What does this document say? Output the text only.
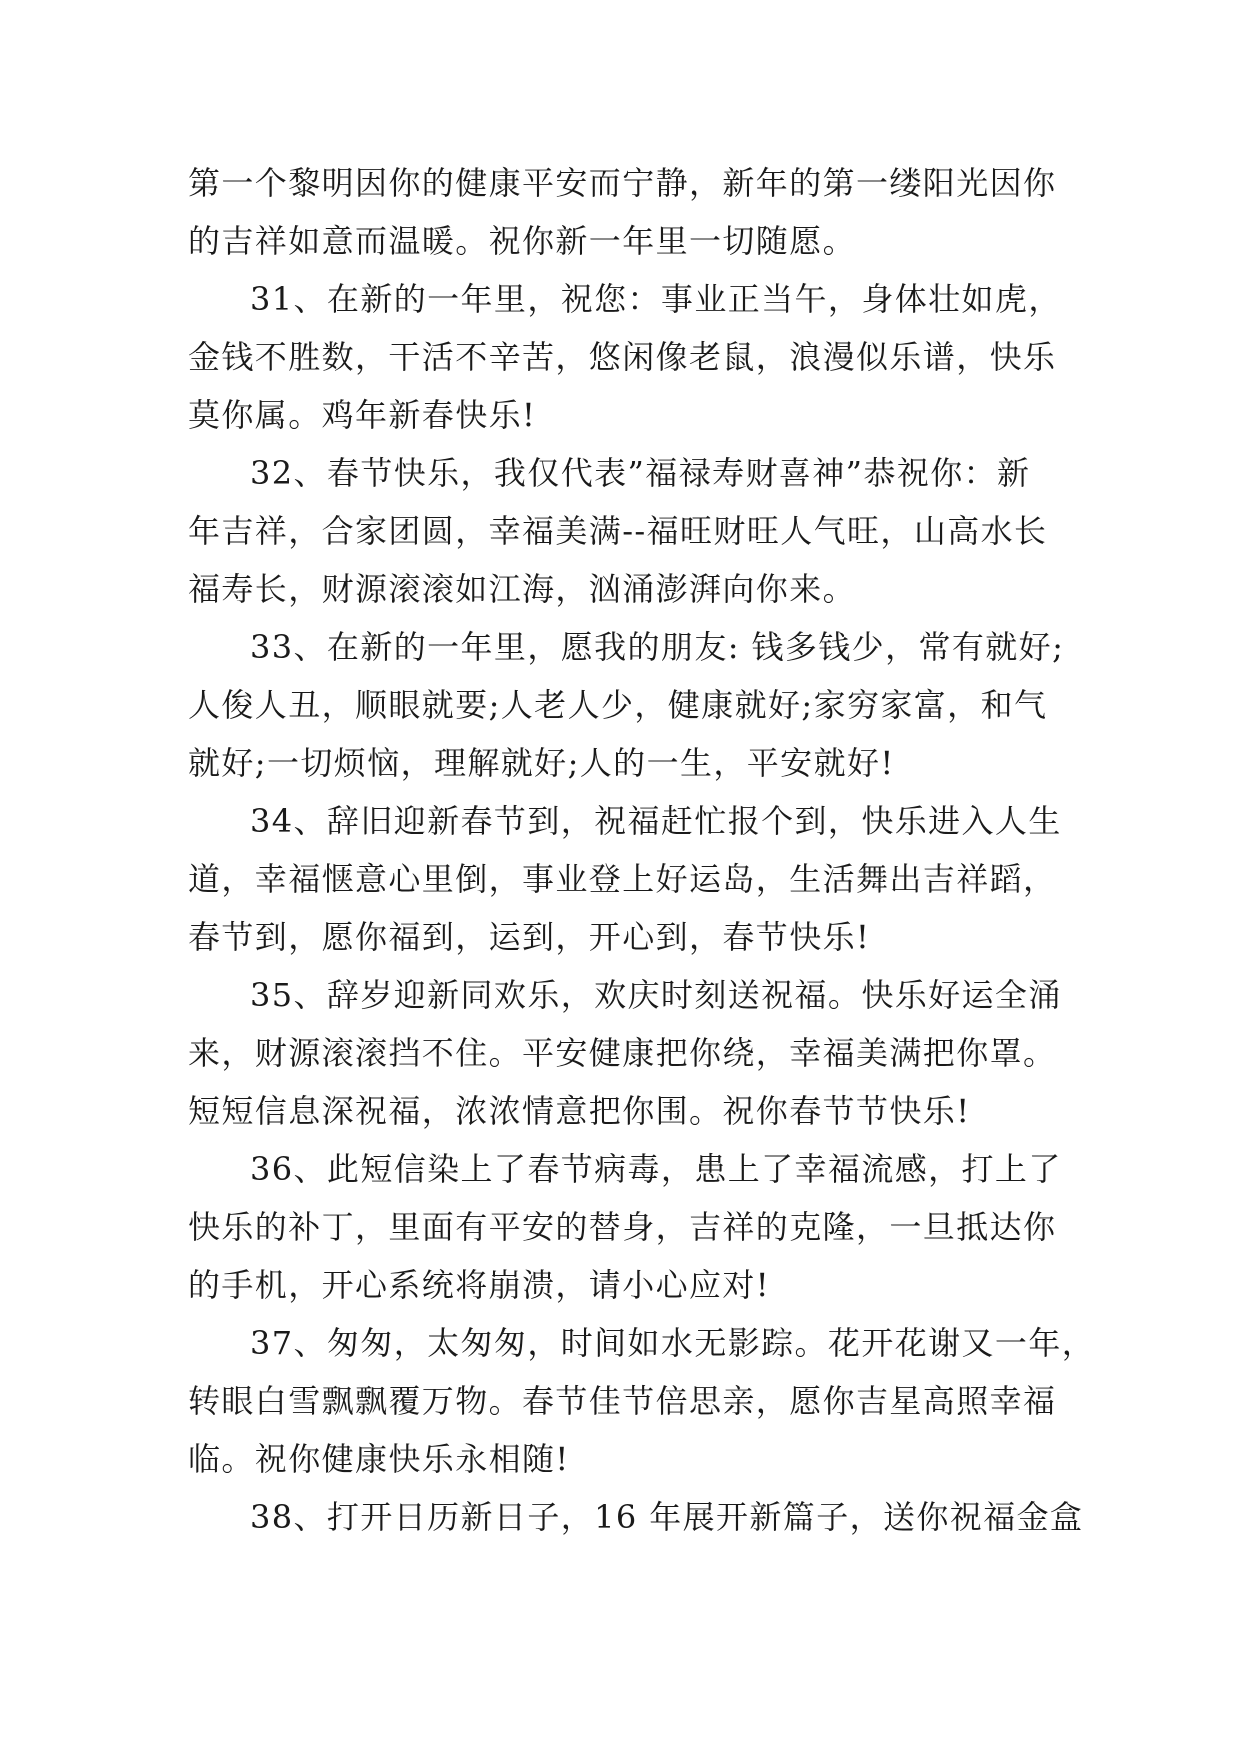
第一个黎明因你的健康平安而宁静，新年的第一缕阳光因你
的吉祥如意而温暖。祝你新一年里一切随愿。
31、在新的一年里，祝您：事业正当午，身体壮如虎，
金钱不胜数，干活不辛苦，悠闲像老鼠，浪漫似乐谱，快乐
莫你属。鸡年新春快乐!
32、春节快乐，我仅代表”福禄寿财喜神”恭祝你：新
年吉祥，合家团圆，幸福美满--福旺财旺人气旺，山高水长
福寿长，财源滚滚如江海，汹涌澎湃向你来。
33、在新的一年里，愿我的朋友: 钱多钱少，常有就好;
人俊人丑，顺眼就要;人老人少，健康就好;家穷家富，和气
就好;一切烦恼，理解就好;人的一生，平安就好!
34、辞旧迎新春节到，祝福赶忙报个到，快乐进入人生
道，幸福惬意心里倒，事业登上好运岛，生活舞出吉祥蹈，
春节到，愿你福到，运到，开心到，春节快乐!
35、辞岁迎新同欢乐，欢庆时刻送祝福。快乐好运全涌
来，财源滚滚挡不住。平安健康把你绕，幸福美满把你罩。
短短信息深祝福，浓浓情意把你围。祝你春节节快乐!
36、此短信染上了春节病毒，患上了幸福流感，打上了
快乐的补丁，里面有平安的替身，吉祥的克隆，一旦抵达你
的手机，开心系统将崩溃，请小心应对!
37、匆匆，太匆匆，时间如水无影踪。花开花谢又一年，
转眼白雪飘飘覆万物。春节佳节倍思亲，愿你吉星高照幸福
临。祝你健康快乐永相随!
38、打开日历新日子，16 年展开新篇子，送你祝福金盒
